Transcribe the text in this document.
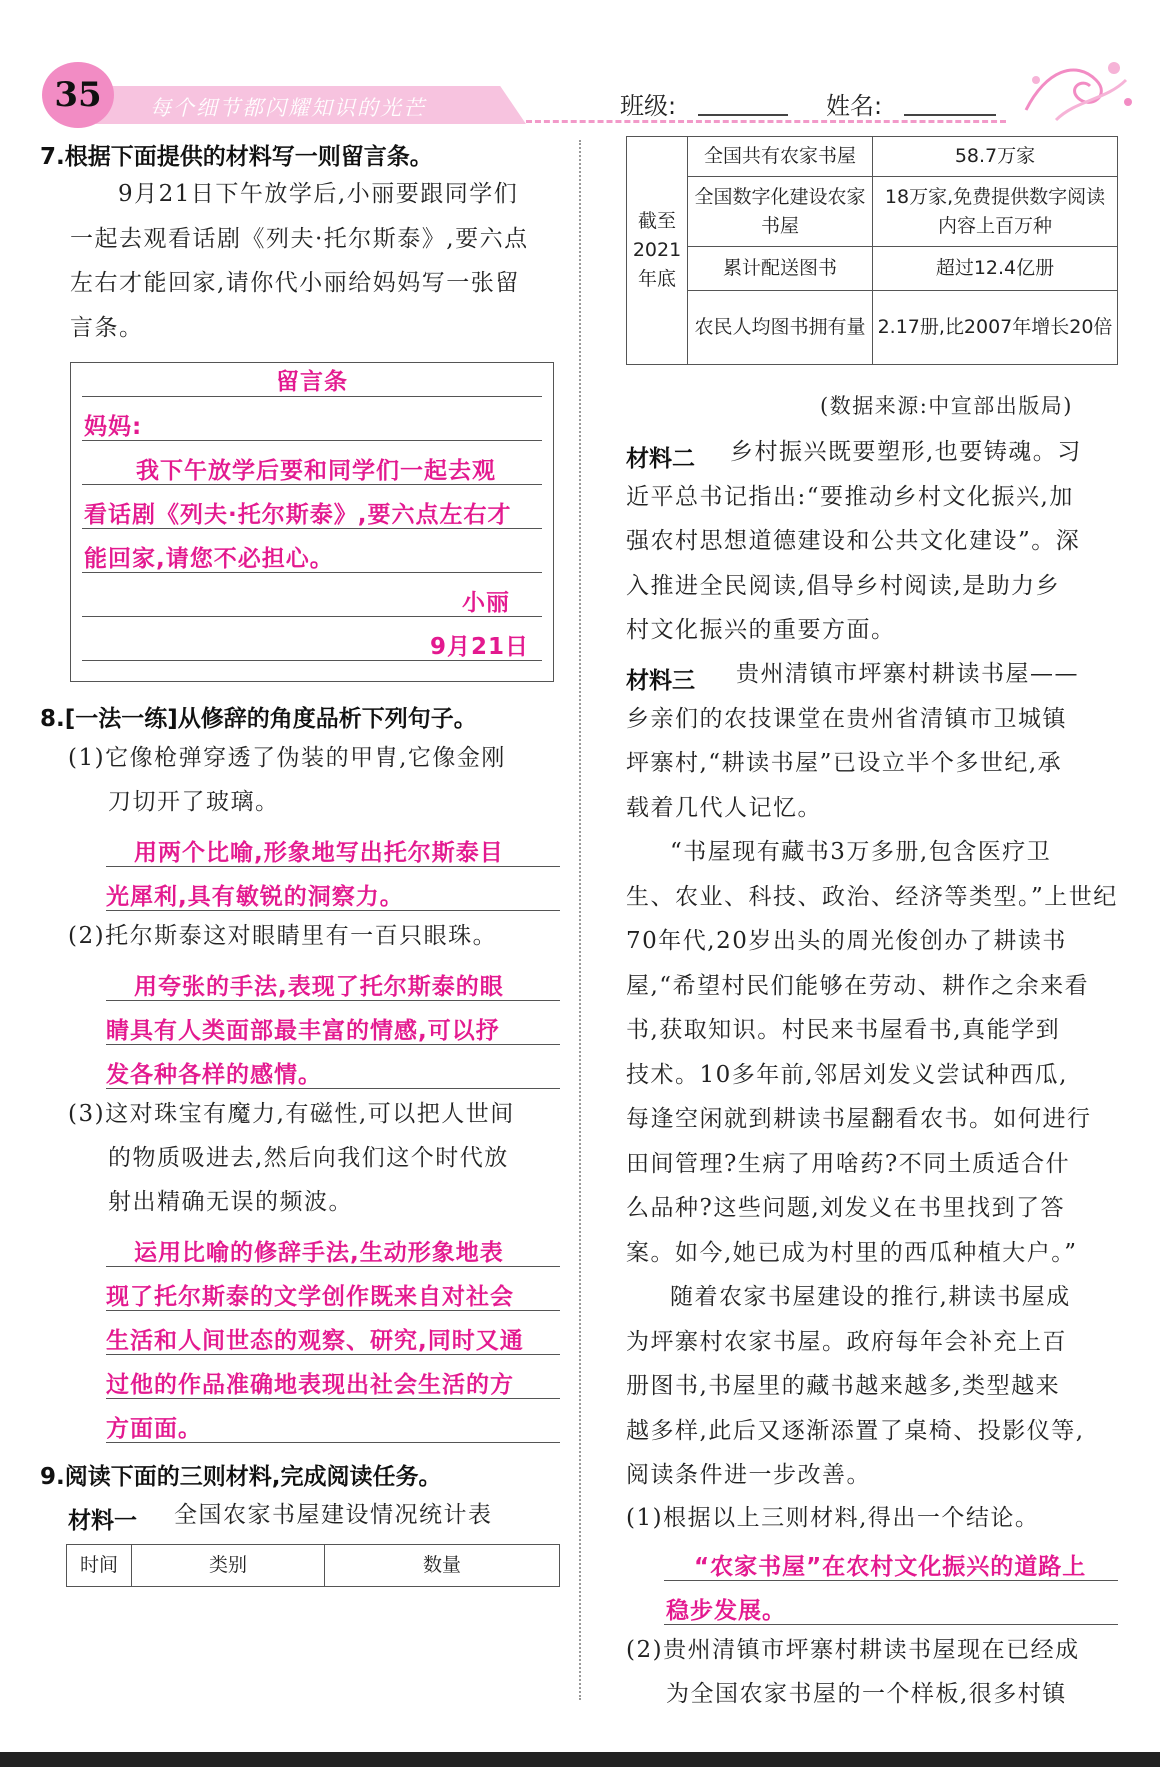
35 每个细节都闪耀知识的光芒	班级:	姓名:
7.根据下面提供的材料写一则留言条。
9月21日下午放学后,小丽要跟同学们
一起去观看话剧《列夫·托尔斯泰》,要六点
左右才能回家,请你代小丽给妈妈写一张留
言条。
留言条
妈妈:
我下午放学后要和同学们一起去观
看话剧《列夫·托尔斯泰》,要六点左右才
能回家,请您不必担心。
小丽
9月21日
8.[一法一练]从修辞的角度品析下列句子。
(1)它像枪弹穿透了伪装的甲胄,它像金刚
刀切开了玻璃。
用两个比喻,形象地写出托尔斯泰目
光犀利,具有敏锐的洞察力。
(2)托尔斯泰这对眼睛里有一百只眼珠。
用夸张的手法,表现了托尔斯泰的眼
睛具有人类面部最丰富的情感,可以抒
发各种各样的感情。
(3)这对珠宝有魔力,有磁性,可以把人世间
的物质吸进去,然后向我们这个时代放
射出精确无误的频波。
运用比喻的修辞手法,生动形象地表
现了托尔斯泰的文学创作既来自对社会
生活和人间世态的观察、研究,同时又通
过他的作品准确地表现出社会生活的方
方面面。
9.阅读下面的三则材料,完成阅读任务。
材料一 全国农家书屋建设情况统计表
时间	类别	数量
截至2021年底	全国共有农家书屋	58.7万家
	全国数字化建设农家书屋	18万家,免费提供数字阅读内容上百万种
	累计配送图书	超过12.4亿册
	农民人均图书拥有量	2.17册,比2007年增长20倍
(数据来源:中宣部出版局)
材料二	乡村振兴既要塑形,也要铸魂。习
近平总书记指出:“要推动乡村文化振兴,加
强农村思想道德建设和公共文化建设”。深
入推进全民阅读,倡导乡村阅读,是助力乡
村文化振兴的重要方面。
材料三	贵州清镇市坪寨村耕读书屋——
乡亲们的农技课堂在贵州省清镇市卫城镇
坪寨村,“耕读书屋”已设立半个多世纪,承
载着几代人记忆。
“书屋现有藏书3万多册,包含医疗卫
生、农业、科技、政治、经济等类型。”上世纪
70年代,20岁出头的周光俊创办了耕读书
屋,“希望村民们能够在劳动、耕作之余来看
书,获取知识。村民来书屋看书,真能学到
技术。10多年前,邻居刘发义尝试种西瓜,
每逢空闲就到耕读书屋翻看农书。如何进行
田间管理?生病了用啥药?不同土质适合什
么品种?这些问题,刘发义在书里找到了答
案。如今,她已成为村里的西瓜种植大户。”
随着农家书屋建设的推行,耕读书屋成
为坪寨村农家书屋。政府每年会补充上百
册图书,书屋里的藏书越来越多,类型越来
越多样,此后又逐渐添置了桌椅、投影仪等,
阅读条件进一步改善。
(1)根据以上三则材料,得出一个结论。
“农家书屋”在农村文化振兴的道路上
稳步发展。
(2)贵州清镇市坪寨村耕读书屋现在已经成
为全国农家书屋的一个样板,很多村镇
